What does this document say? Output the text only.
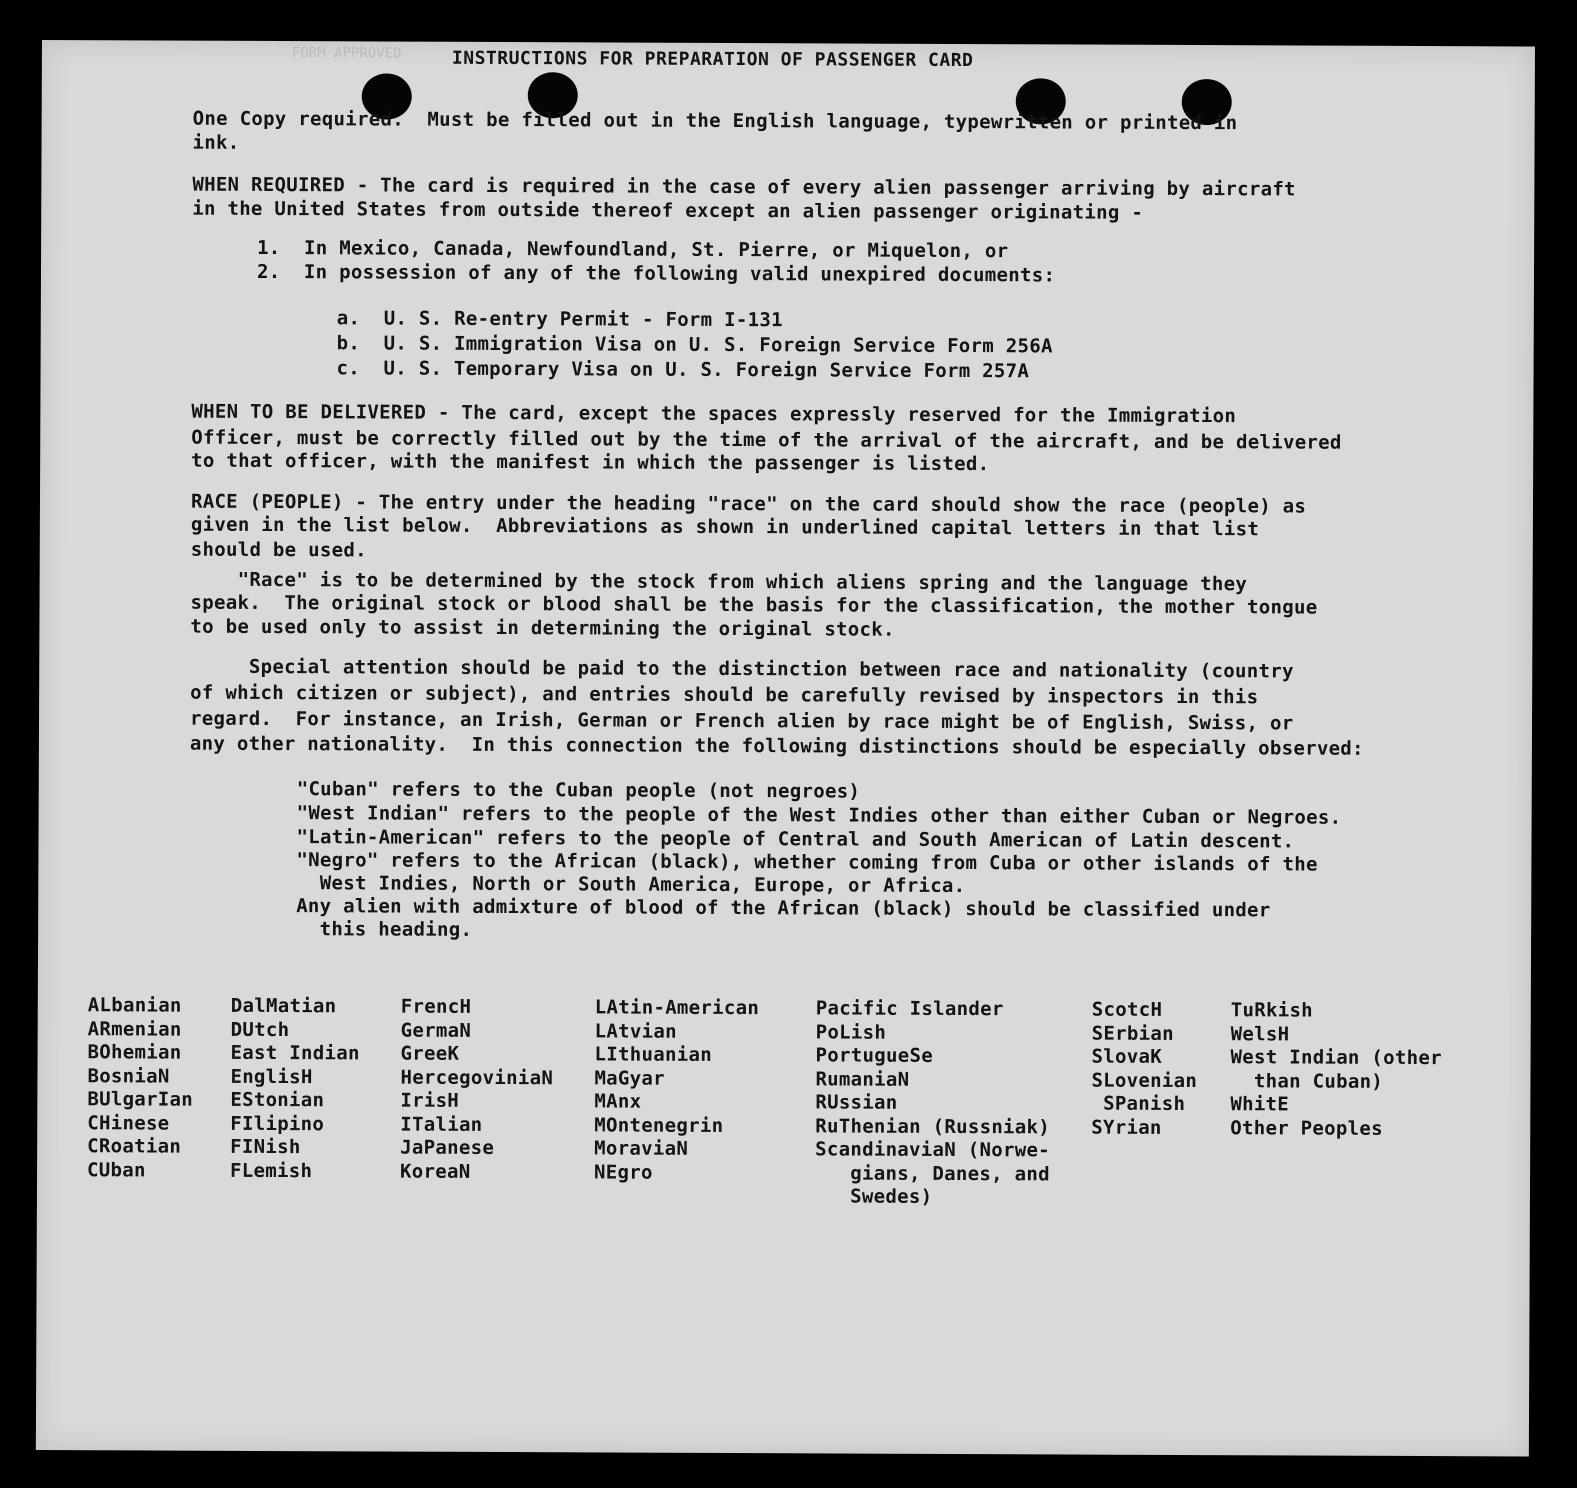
FORM APPROVED	INSTRUCTIONS FOR PREPARATION OF PASSENGER CARD
One Copy required.  Must be filled out in the English language, typewritten or printed in
ink.
WHEN REQUIRED - The card is required in the case of every alien passenger arriving by aircraft
in the United States from outside thereof except an alien passenger originating -
1.  In Mexico, Canada, Newfoundland, St. Pierre, or Miquelon, or
2.  In possession of any of the following valid unexpired documents:
a.  U. S. Re-entry Permit - Form I-131
b.  U. S. Immigration Visa on U. S. Foreign Service Form 256A
c.  U. S. Temporary Visa on U. S. Foreign Service Form 257A
WHEN TO BE DELIVERED - The card, except the spaces expressly reserved for the Immigration
Officer, must be correctly filled out by the time of the arrival of the aircraft, and be delivered
to that officer, with the manifest in which the passenger is listed.
RACE (PEOPLE) - The entry under the heading "race" on the card should show the race (people) as
given in the list below.  Abbreviations as shown in underlined capital letters in that list
should be used.
"Race" is to be determined by the stock from which aliens spring and the language they
speak.  The original stock or blood shall be the basis for the classification, the mother tongue
to be used only to assist in determining the original stock.
Special attention should be paid to the distinction between race and nationality (country
of which citizen or subject), and entries should be carefully revised by inspectors in this
regard.  For instance, an Irish, German or French alien by race might be of English, Swiss, or
any other nationality.  In this connection the following distinctions should be especially observed:
"Cuban" refers to the Cuban people (not negroes)
"West Indian" refers to the people of the West Indies other than either Cuban or Negroes.
"Latin-American" refers to the people of Central and South American of Latin descent.
"Negro" refers to the African (black), whether coming from Cuba or other islands of the
West Indies, North or South America, Europe, or Africa.
Any alien with admixture of blood of the African (black) should be classified under
this heading.
ALbanian
ARmenian
BOhemian
BosniaN
BUlgarIan
CHinese
CRoatian
CUban
DalMatian
DUtch
East Indian
EnglisH
EStonian
FIlipino
FINish
FLemish
FrencH
GermaN
GreeK
HercegoviniaN
IrisH
ITalian
JaPanese
KoreaN
LAtin-American
LAtvian
LIthuanian
MaGyar
MAnx
MOntenegrin
MoraviaN
NEgro
Pacific Islander
PoLish
PortugueSe
RumaniaN
RUssian
RuThenian (Russniak)
ScandinaviaN (Norwe-
gians, Danes, and
Swedes)
ScotcH
SErbian
SlovaK
SLovenian
SPanish
SYrian
TuRkish
WelsH
West Indian (other
than Cuban)
WhitE
Other Peoples
